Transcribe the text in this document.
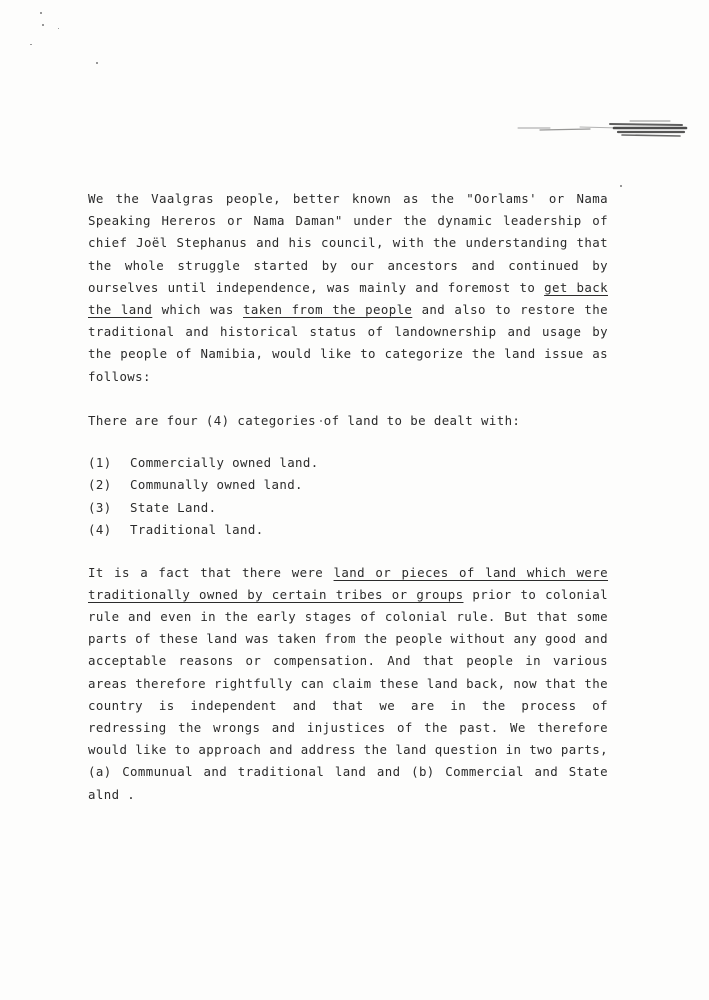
We the Vaalgras people, better known as the "Oorlams' or Nama Speaking Hereros or Nama Daman" under the dynamic leadership of chief Joël Stephanus and his council, with the understanding that the whole struggle started by our ancestors and continued by ourselves until independence, was mainly and foremost to get back the land which was taken from the people and also to restore the traditional and historical status of landownership and usage by the people of Namibia, would like to categorize the land issue as follows:

There are four (4) categories of land to be dealt with:

(1)	Commercially owned land.
(2)	Communally owned land.
(3)	State Land.
(4)	Traditional land.

It is a fact that there were land or pieces of land which were traditionally owned by certain tribes or groups prior to colonial rule and even in the early stages of colonial rule. But that some parts of these land was taken from the people without any good and acceptable reasons or compensation. And that people in various areas therefore rightfully can claim these land back, now that the country is independent and that we are in the process of redressing the wrongs and injustices of the past. We therefore would like to approach and address the land question in two parts, (a) Communual and traditional land and (b) Commercial and State alnd .
